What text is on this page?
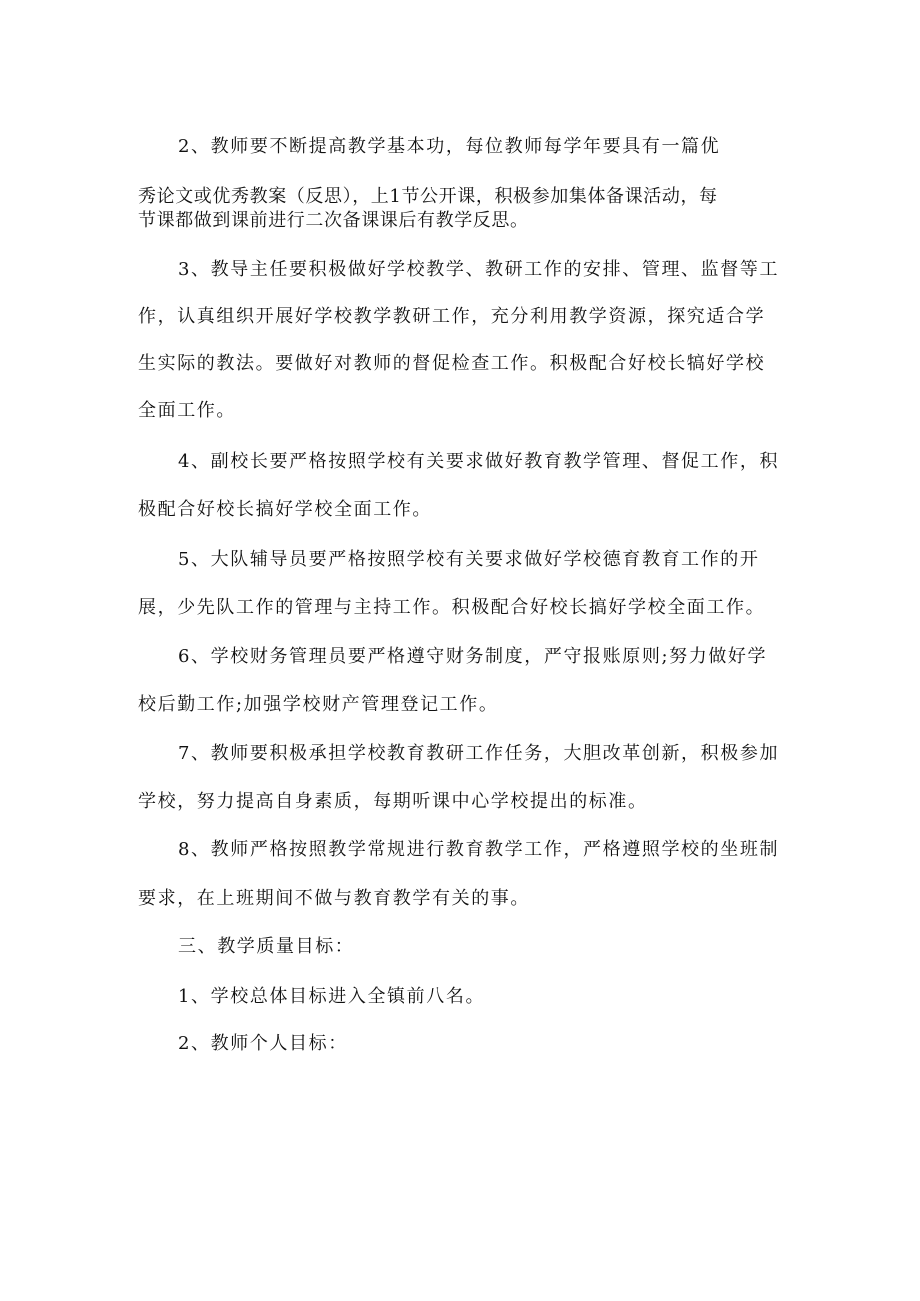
2、教师要不断提高教学基本功，每位教师每学年要具有一篇优
秀论文或优秀教案（反思），上1节公开课，积极参加集体备课活动，每
节课都做到课前进行二次备课课后有教学反思。
3、教导主任要积极做好学校教学、教研工作的安排、管理、监督等工
作，认真组织开展好学校教学教研工作，充分利用教学资源，探究适合学
生实际的教法。要做好对教师的督促检查工作。积极配合好校长犒好学校
全面工作。
4、副校长要严格按照学校有关要求做好教育教学管理、督促工作，积
极配合好校长搞好学校全面工作。
5、大队辅导员要严格按照学校有关要求做好学校德育教育工作的开
展，少先队工作的管理与主持工作。积极配合好校长搞好学校全面工作。
6、学校财务管理员要严格遵守财务制度，严守报账原则;努力做好学
校后勤工作;加强学校财产管理登记工作。
7、教师要积极承担学校教育教研工作任务，大胆改革创新，积极参加
学校，努力提高自身素质，每期听课中心学校提出的标准。
8、教师严格按照教学常规进行教育教学工作，严格遵照学校的坐班制
要求，在上班期间不做与教育教学有关的事。
三、教学质量目标：
1、学校总体目标进入全镇前八名。
2、教师个人目标：
